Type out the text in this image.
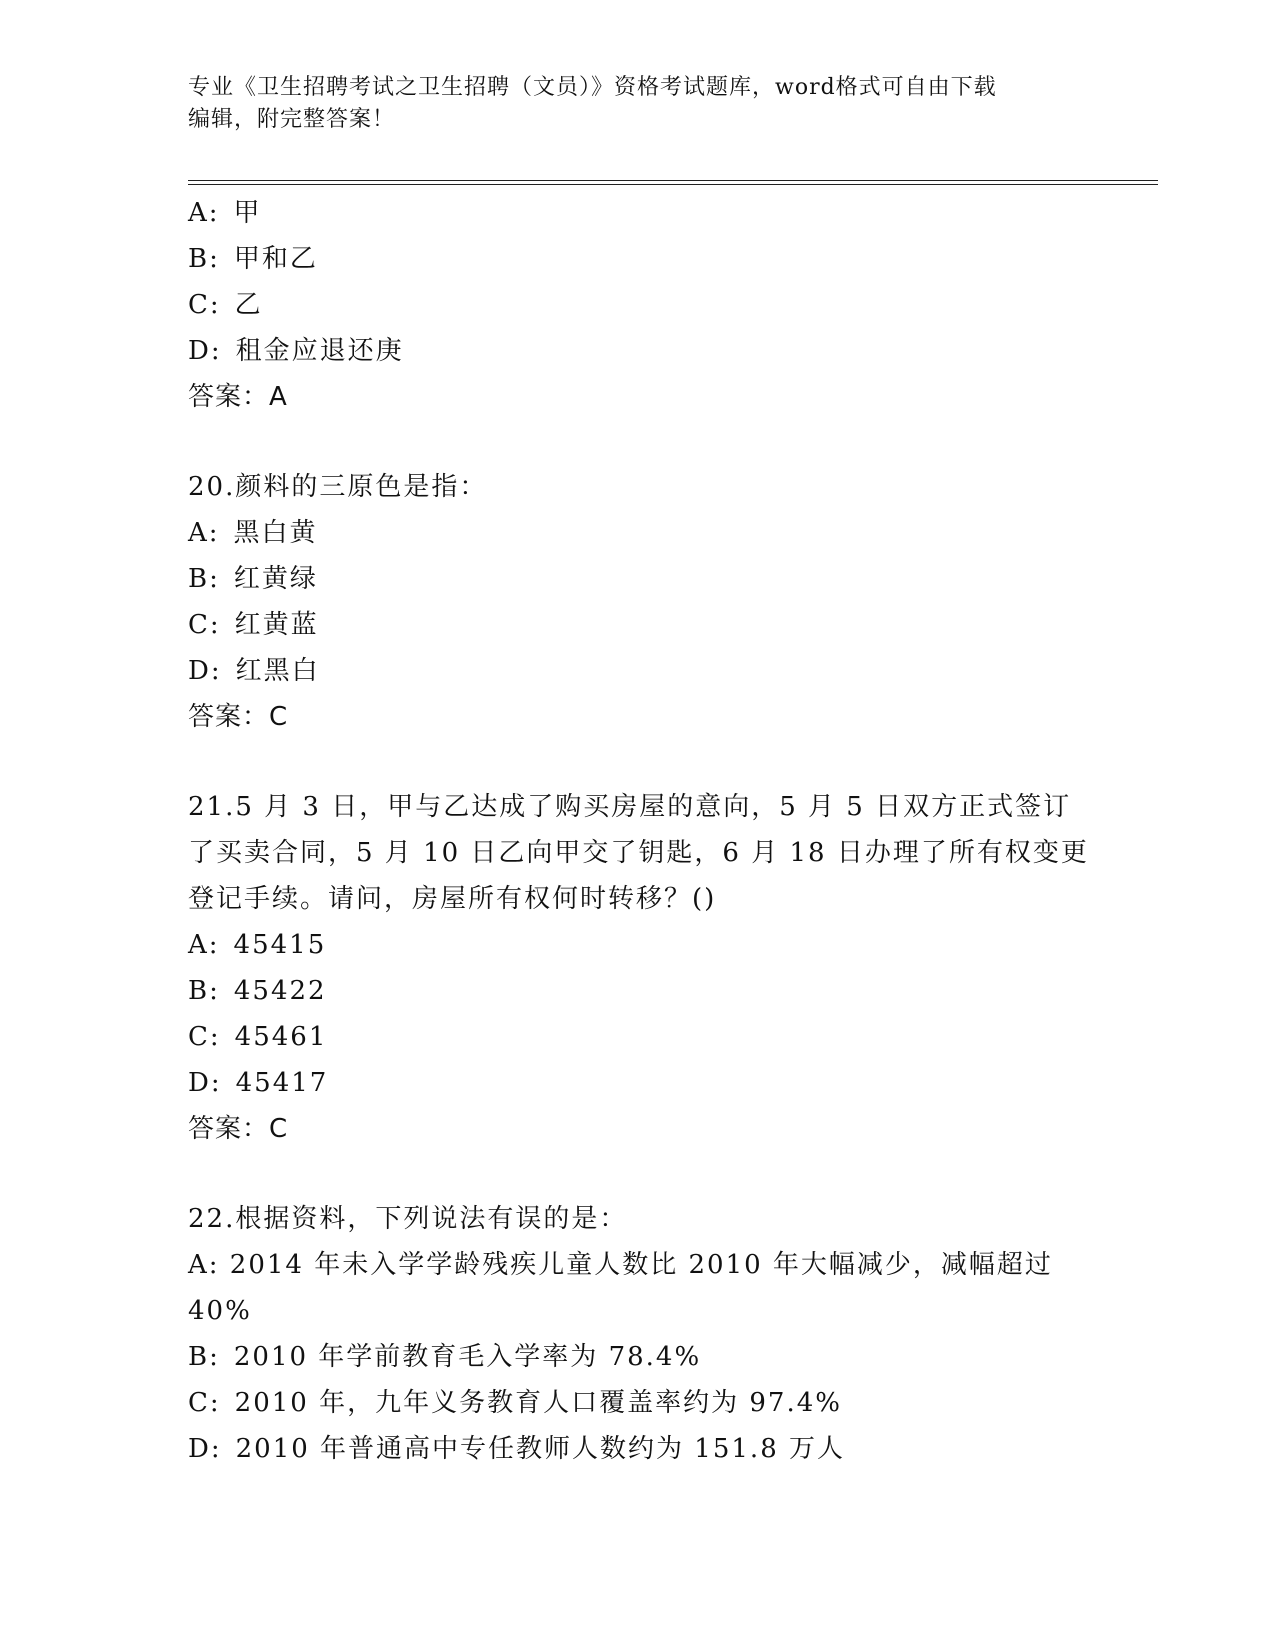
专业《卫生招聘考试之卫生招聘（文员）》资格考试题库，word格式可自由下载
编辑，附完整答案！
A: 甲
B: 甲和乙
C: 乙
D: 租金应退还庚
答案：A
20.颜料的三原色是指：
A: 黑白黄
B: 红黄绿
C: 红黄蓝
D: 红黑白
答案：C
21.5 月 3 日，甲与乙达成了购买房屋的意向，5 月 5 日双方正式签订
了买卖合同，5 月 10 日乙向甲交了钥匙，6 月 18 日办理了所有权变更
登记手续。请问，房屋所有权何时转移？()
A: 45415
B: 45422
C: 45461
D: 45417
答案：C
22.根据资料，下列说法有误的是：
A: 2014 年未入学学龄残疾儿童人数比 2010 年大幅减少，减幅超过
40%
B: 2010 年学前教育毛入学率为 78.4%
C: 2010 年，九年义务教育人口覆盖率约为 97.4%
D: 2010 年普通高中专任教师人数约为 151.8 万人
